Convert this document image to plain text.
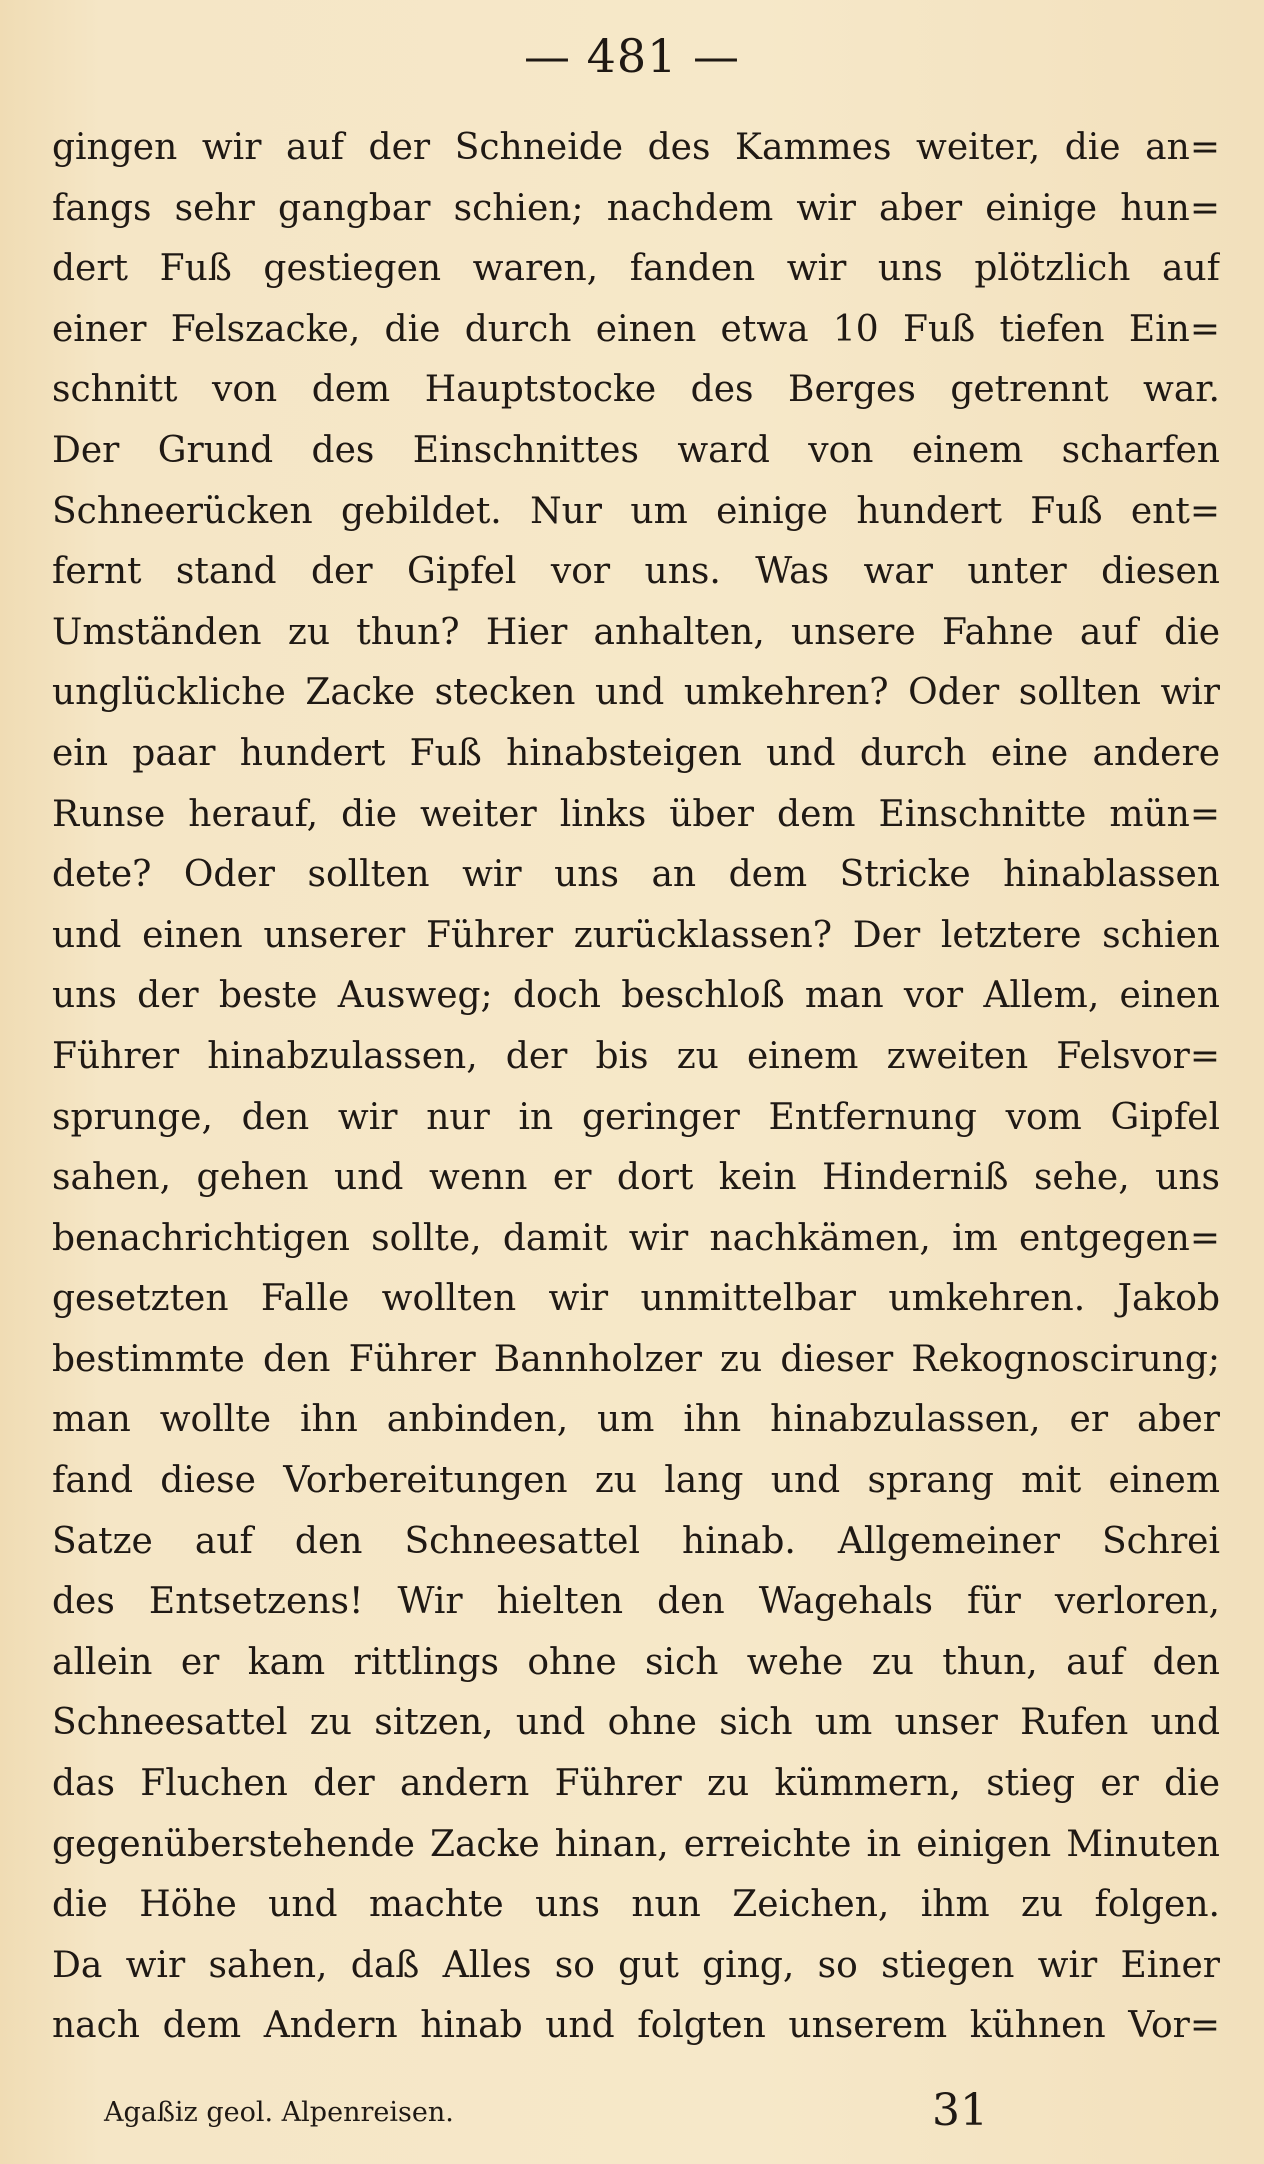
— 481 —
gingen wir auf der Schneide des Kammes weiter, die an=
fangs sehr gangbar schien; nachdem wir aber einige hun=
dert Fuß gestiegen waren, fanden wir uns plötzlich auf
einer Felszacke, die durch einen etwa 10 Fuß tiefen Ein=
schnitt von dem Hauptstocke des Berges getrennt war.
Der Grund des Einschnittes ward von einem scharfen
Schneerücken gebildet. Nur um einige hundert Fuß ent=
fernt stand der Gipfel vor uns. Was war unter diesen
Umständen zu thun? Hier anhalten, unsere Fahne auf die
unglückliche Zacke stecken und umkehren? Oder sollten wir
ein paar hundert Fuß hinabsteigen und durch eine andere
Runse herauf, die weiter links über dem Einschnitte mün=
dete? Oder sollten wir uns an dem Stricke hinablassen
und einen unserer Führer zurücklassen? Der letztere schien
uns der beste Ausweg; doch beschloß man vor Allem, einen
Führer hinabzulassen, der bis zu einem zweiten Felsvor=
sprunge, den wir nur in geringer Entfernung vom Gipfel
sahen, gehen und wenn er dort kein Hinderniß sehe, uns
benachrichtigen sollte, damit wir nachkämen, im entgegen=
gesetzten Falle wollten wir unmittelbar umkehren. Jakob
bestimmte den Führer Bannholzer zu dieser Rekognoscirung;
man wollte ihn anbinden, um ihn hinabzulassen, er aber
fand diese Vorbereitungen zu lang und sprang mit einem
Satze auf den Schneesattel hinab. Allgemeiner Schrei
des Entsetzens! Wir hielten den Wagehals für verloren,
allein er kam rittlings ohne sich wehe zu thun, auf den
Schneesattel zu sitzen, und ohne sich um unser Rufen und
das Fluchen der andern Führer zu kümmern, stieg er die
gegenüberstehende Zacke hinan, erreichte in einigen Minuten
die Höhe und machte uns nun Zeichen, ihm zu folgen.
Da wir sahen, daß Alles so gut ging, so stiegen wir Einer
nach dem Andern hinab und folgten unserem kühnen Vor=
Agaßiz geol. Alpenreisen.	31
